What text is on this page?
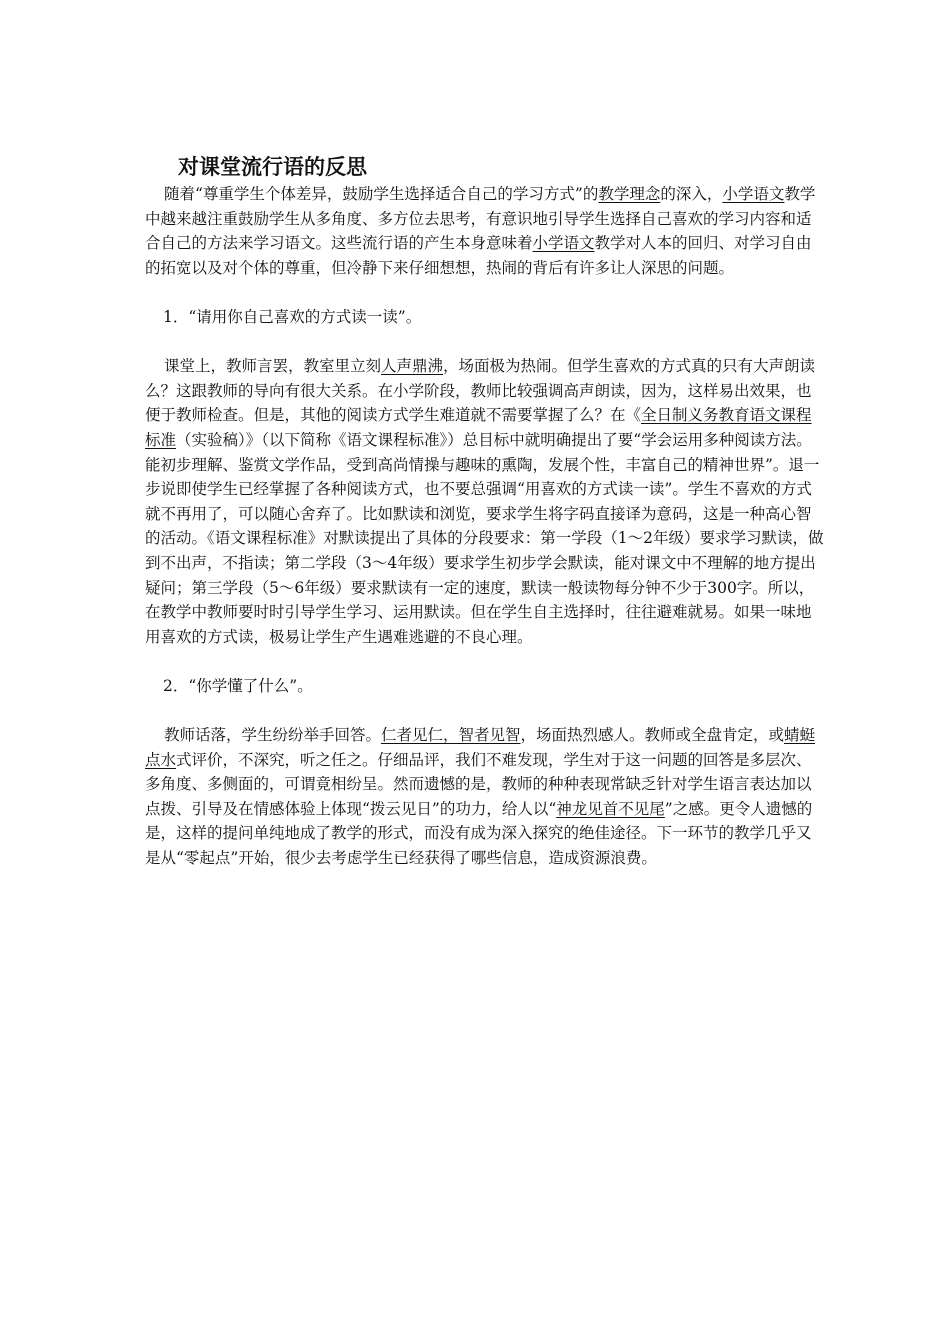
对课堂流行语的反思

随着“尊重学生个体差异，鼓励学生选择适合自己的学习方式”的教学理念的深入，小学语文教学中越来越注重鼓励学生从多角度、多方位去思考，有意识地引导学生选择自己喜欢的学习内容和适合自己的方法来学习语文。这些流行语的产生本身意味着小学语文教学对人本的回归、对学习自由的拓宽以及对个体的尊重，但冷静下来仔细想想，热闹的背后有许多让人深思的问题。

1．“请用你自己喜欢的方式读一读”。

课堂上，教师言罢，教室里立刻人声鼎沸，场面极为热闹。但学生喜欢的方式真的只有大声朗读么？这跟教师的导向有很大关系。在小学阶段，教师比较强调高声朗读，因为，这样易出效果，也便于教师检查。但是，其他的阅读方式学生难道就不需要掌握了么？在《全日制义务教育语文课程标准（实验稿）》（以下简称《语文课程标准》）总目标中就明确提出了要“学会运用多种阅读方法。能初步理解、鉴赏文学作品，受到高尚情操与趣味的熏陶，发展个性，丰富自己的精神世界”。退一步说即使学生已经掌握了各种阅读方式，也不要总强调“用喜欢的方式读一读”。学生不喜欢的方式就不再用了，可以随心舍弃了。比如默读和浏览，要求学生将字码直接译为意码，这是一种高心智的活动。《语文课程标准》对默读提出了具体的分段要求：第一学段（1～2年级）要求学习默读，做到不出声，不指读；第二学段（3～4年级）要求学生初步学会默读，能对课文中不理解的地方提出疑问；第三学段（5～6年级）要求默读有一定的速度，默读一般读物每分钟不少于300字。所以，在教学中教师要时时引导学生学习、运用默读。但在学生自主选择时，往往避难就易。如果一味地用喜欢的方式读，极易让学生产生遇难逃避的不良心理。

2．“你学懂了什么”。

教师话落，学生纷纷举手回答。仁者见仁，智者见智，场面热烈感人。教师或全盘肯定，或蜻蜓点水式评价，不深究，听之任之。仔细品评，我们不难发现，学生对于这一问题的回答是多层次、多角度、多侧面的，可谓竟相纷呈。然而遗憾的是，教师的种种表现常缺乏针对学生语言表达加以点拨、引导及在情感体验上体现“拨云见日”的功力，给人以“神龙见首不见尾”之感。更令人遗憾的是，这样的提问单纯地成了教学的形式，而没有成为深入探究的绝佳途径。下一环节的教学几乎又是从“零起点”开始，很少去考虑学生已经获得了哪些信息，造成资源浪费。
